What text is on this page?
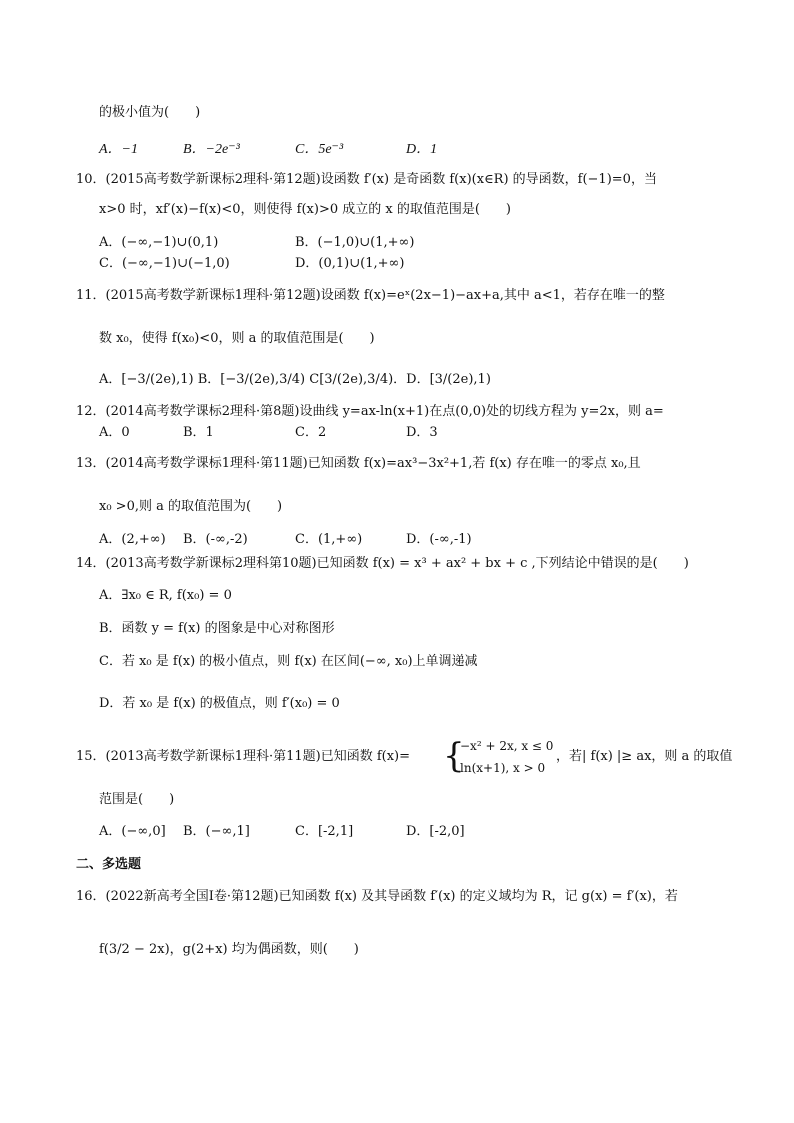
的极小值为(　　)
A．−1	B．−2e⁻³	C．5e⁻³	D．1
10．(2015高考数学新课标2理科·第12题)设函数 f′(x) 是奇函数 f(x)(x∈R) 的导函数，f(−1)=0，当
x>0 时，xf′(x)−f(x)<0，则使得 f(x)>0 成立的 x 的取值范围是(　　)
A．(−∞,−1)∪(0,1)	B．(−1,0)∪(1,+∞)
C．(−∞,−1)∪(−1,0)	D．(0,1)∪(1,+∞)
11．(2015高考数学新课标1理科·第12题)设函数 f(x)=eˣ(2x−1)−ax+a,其中 a<1，若存在唯一的整
数 x₀，使得 f(x₀)<0，则 a 的取值范围是(　　)
A．[−3/(2e),1) B．[−3/(2e),3/4) C[3/(2e),3/4)．D．[3/(2e),1)
12．(2014高考数学课标2理科·第8题)设曲线 y=ax-ln(x+1)在点(0,0)处的切线方程为 y=2x，则 a=
A．0	B．1	C．2	D．3
13．(2014高考数学课标1理科·第11题)已知函数 f(x)=ax³−3x²+1,若 f(x) 存在唯一的零点 x₀,且
x₀ >0,则 a 的取值范围为(　　)
A．(2,+∞) B．(-∞,-2)	C．(1,+∞)	D．(-∞,-1)
14．(2013高考数学新课标2理科第10题)已知函数 f(x) = x³ + ax² + bx + c ,下列结论中错误的是(　　)
A．∃x₀ ∈ R, f(x₀) = 0
B．函数 y = f(x) 的图象是中心对称图形
C．若 x₀ 是 f(x) 的极小值点，则 f(x) 在区间(−∞, x₀)上单调递减
D．若 x₀ 是 f(x) 的极值点，则 f′(x₀) = 0
15．(2013高考数学新课标1理科·第11题)已知函数 f(x)= {
−x² + 2x, x ≤ 0
ln(x+1), x > 0
，若| f(x) |≥ ax，则 a 的取值
范围是(　　)
A．(−∞,0] B．(−∞,1]	C．[-2,1]	D．[-2,0]
二、多选题
16．(2022新高考全国I卷·第12题)已知函数 f(x) 及其导函数 f′(x) 的定义域均为 R，记 g(x) = f′(x)，若
f(3/2 − 2x)，g(2+x) 均为偶函数，则(　　)
